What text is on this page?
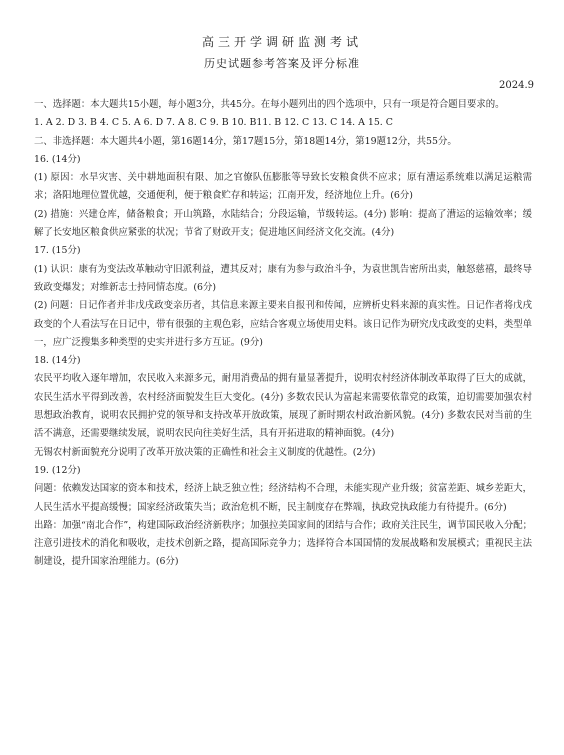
高三开学调研监测考试
历史试题参考答案及评分标准
2024.9

一、选择题：本大题共15小题，每小题3分，共45分。在每小题列出的四个选项中，只有一项是符合题目要求的。

1. A 2. D 3. B 4. C 5. A 6. D 7. A 8. C 9. B 10. B11. B 12. C 13. C 14. A 15. C

二、非选择题：本大题共4小题，第16题14分，第17题15分，第18题14分，第19题12分，共55分。

16. (14分)

(1) 原因：水旱灾害、关中耕地面积有限、加之官僚队伍膨胀等导致长安粮食供不应求；原有漕运系统难以满足运粮需求；洛阳地理位置优越，交通便利，便于粮食贮存和转运；江南开发，经济地位上升。(6分)

(2) 措施：兴建仓库，储备粮食；开山筑路，水陆结合；分段运输，节级转运。(4分) 影响：提高了漕运的运输效率；缓解了长安地区粮食供应紧张的状况；节省了财政开支；促进地区间经济文化交流。(4分)

17. (15分)

(1) 认识：康有为变法改革触动守旧派利益，遭其反对；康有为参与政治斗争，为袁世凯告密所出卖，触怒慈禧，最终导致政变爆发；对维新志士持同情态度。(6分)

(2) 问题：日记作者并非戊戌政变亲历者，其信息来源主要来自报刊和传闻，应辨析史料来源的真实性。日记作者将戊戌政变的个人看法写在日记中，带有很强的主观色彩，应结合客观立场使用史料。该日记作为研究戊戌政变的史料，类型单一，应广泛搜集多种类型的史实并进行多方互证。(9分)

18. (14分)

农民平均收入逐年增加，农民收入来源多元，耐用消费品的拥有量显著提升，说明农村经济体制改革取得了巨大的成就，农民生活水平得到改善，农村经济面貌发生巨大变化。(4分) 多数农民认为富起来需要依靠党的政策，迫切需要加强农村思想政治教育，说明农民拥护党的领导和支持改革开放政策，展现了新时期农村政治新风貌。(4分) 多数农民对当前的生活不满意，还需要继续发展，说明农民向往美好生活，具有开拓进取的精神面貌。(4分)

无锡农村新面貌充分说明了改革开放决策的正确性和社会主义制度的优越性。(2分)

19. (12分)

问题：依赖发达国家的资本和技术，经济上缺乏独立性；经济结构不合理，未能实现产业升级；贫富差距、城乡差距大，人民生活水平提高缓慢；国家经济政策失当；政治危机不断，民主制度存在弊端，执政党执政能力有待提升。(6分)

出路：加强“南北合作”，构建国际政治经济新秩序；加强拉美国家间的团结与合作；政府关注民生，调节国民收入分配；注意引进技术的消化和吸收，走技术创新之路，提高国际竞争力；选择符合本国国情的发展战略和发展模式；重视民主法制建设，提升国家治理能力。(6分)
